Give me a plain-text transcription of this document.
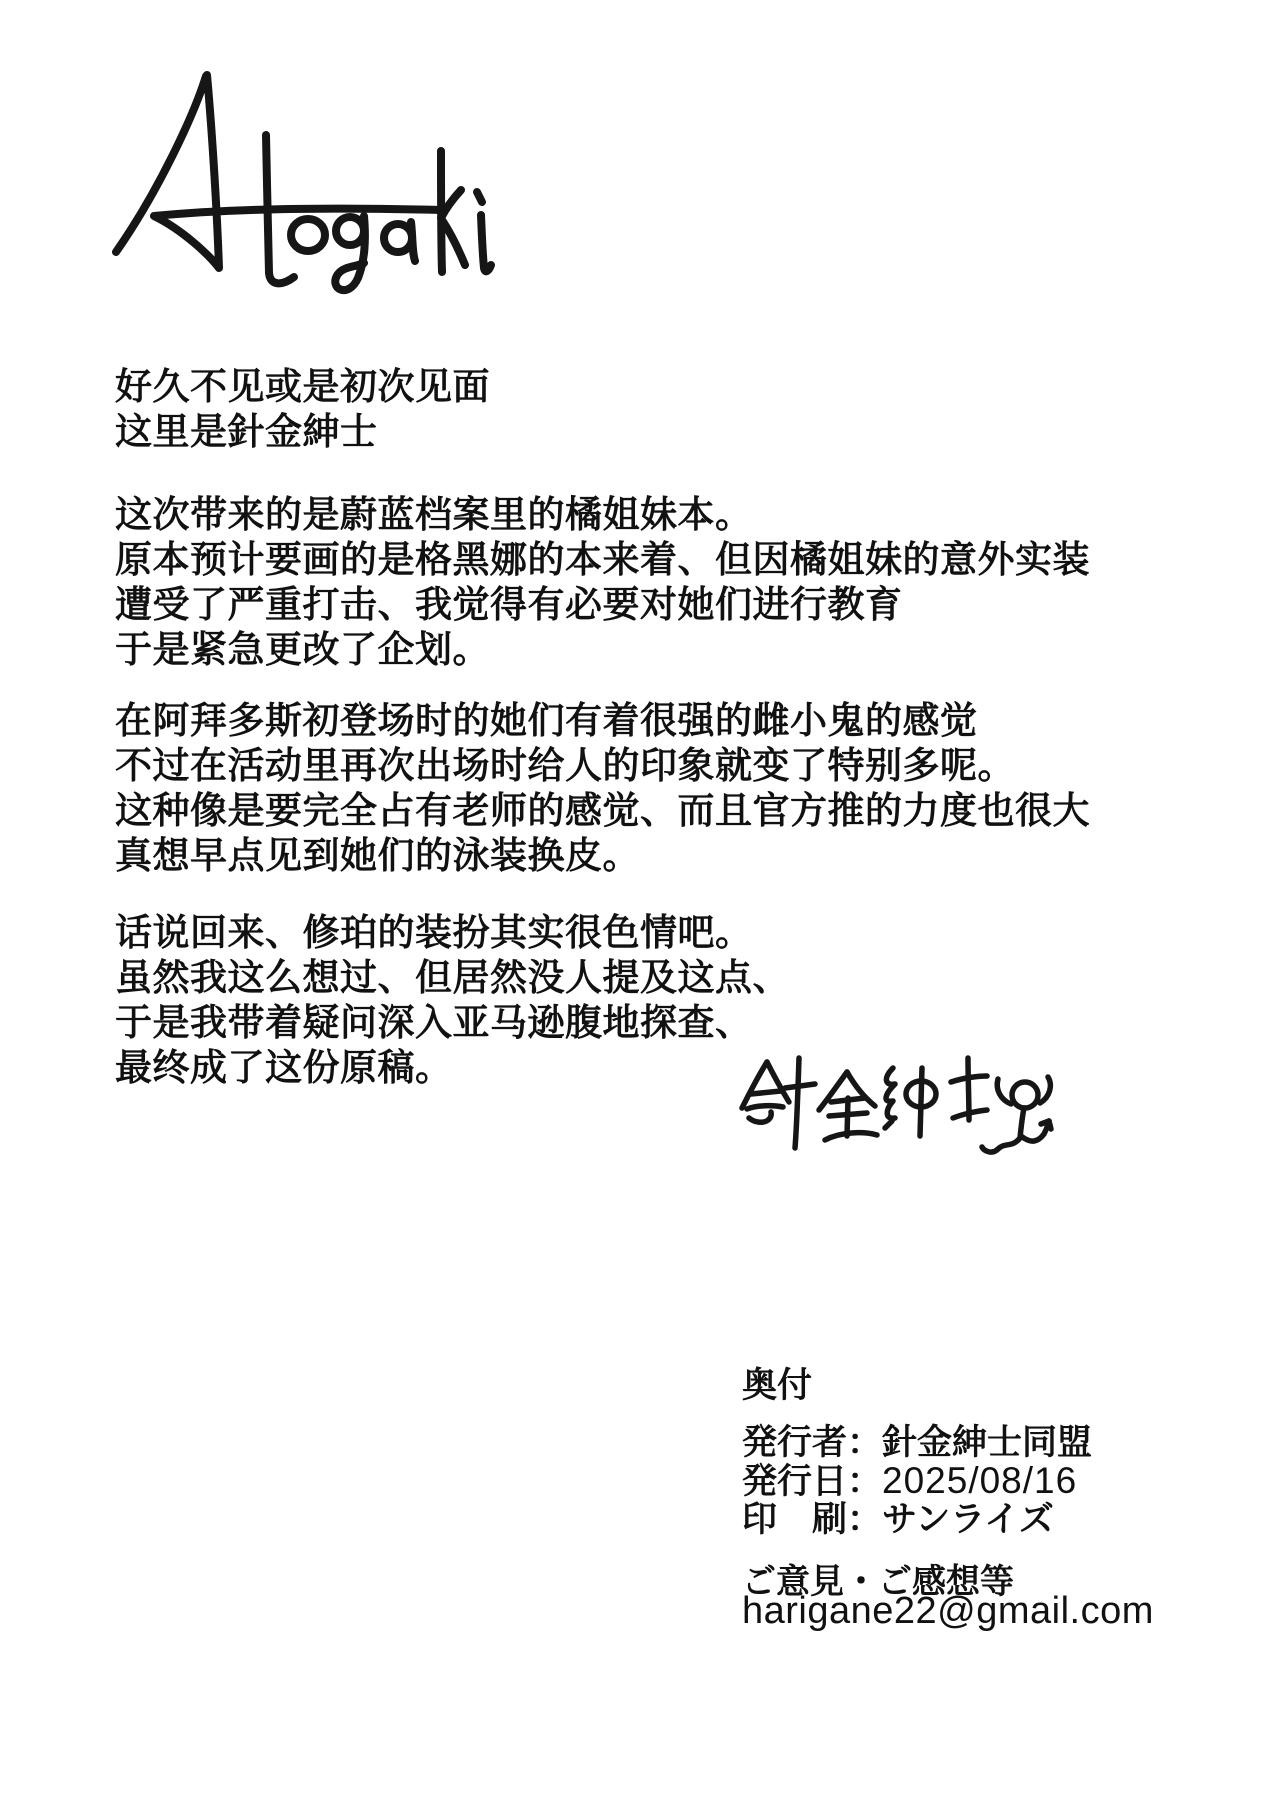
好久不见或是初次见面
这里是針金紳士
这次带来的是蔚蓝档案里的橘姐妹本。
原本预计要画的是格黑娜的本来着、但因橘姐妹的意外实装
遭受了严重打击、我觉得有必要对她们进行教育
于是紧急更改了企划。
在阿拜多斯初登场时的她们有着很强的雌小鬼的感觉
不过在活动里再次出场时给人的印象就变了特别多呢。
这种像是要完全占有老师的感觉、而且官方推的力度也很大
真想早点见到她们的泳装换皮。
话说回来、修珀的装扮其实很色情吧。
虽然我这么想过、但居然没人提及这点、
于是我带着疑问深入亚马逊腹地探查、
最终成了这份原稿。
奥付
発行者：針金紳士同盟
発行日：2025/08/16
印　刷：サンライズ
ご意見・ご感想等
harigane22@gmail.com
